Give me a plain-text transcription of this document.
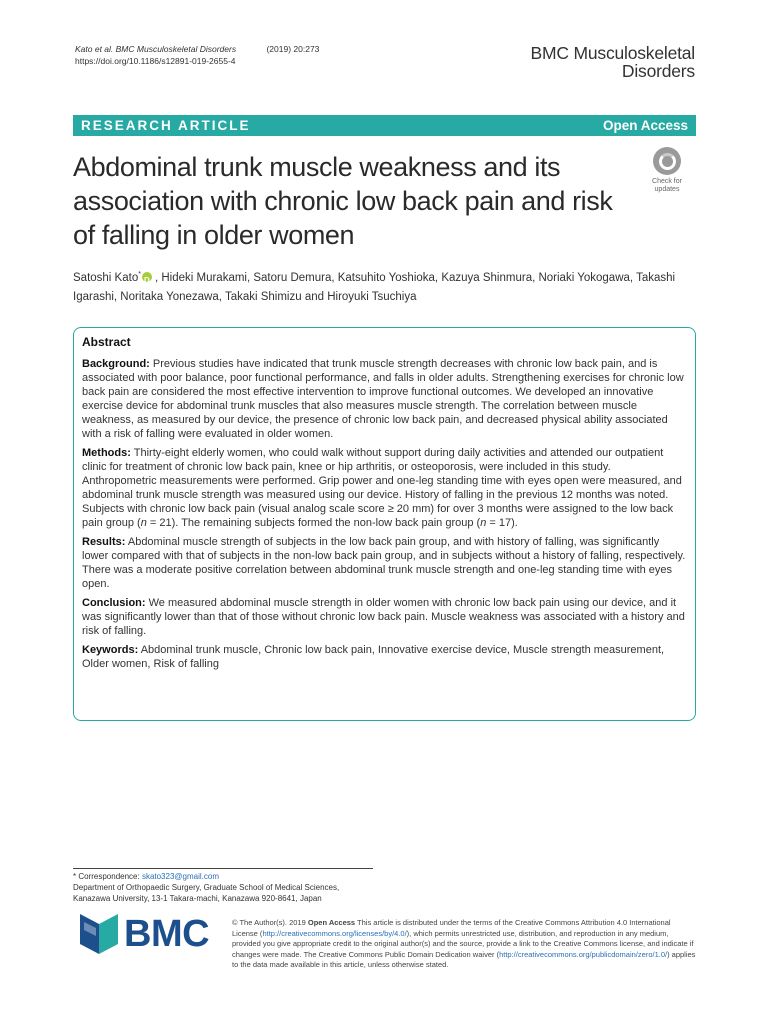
Kato et al. BMC Musculoskeletal Disorders	(2019) 20:273
https://doi.org/10.1186/s12891-019-2655-4	BMC Musculoskeletal
Disorders
RESEARCH ARTICLE	Open Access
Abdominal trunk muscle weakness and its association with chronic low back pain and risk of falling in older women
Check for
updates
Satoshi Kato*D , Hideki Murakami, Satoru Demura, Katsuhito Yoshioka, Kazuya Shinmura, Noriaki Yokogawa, Takashi Igarashi, Noritaka Yonezawa, Takaki Shimizu and Hiroyuki Tsuchiya
Abstract

Background: Previous studies have indicated that trunk muscle strength decreases with chronic low back pain, and is associated with poor balance, poor functional performance, and falls in older adults. Strengthening exercises for chronic low back pain are considered the most effective intervention to improve functional outcomes. We developed an innovative exercise device for abdominal trunk muscles that also measures muscle strength. The correlation between muscle weakness, as measured by our device, the presence of chronic low back pain, and decreased physical ability associated with a risk of falling were evaluated in older women.

Methods: Thirty-eight elderly women, who could walk without support during daily activities and attended our outpatient clinic for treatment of chronic low back pain, knee or hip arthritis, or osteoporosis, were included in this study. Anthropometric measurements were performed. Grip power and one-leg standing time with eyes open were measured, and abdominal trunk muscle strength was measured using our device. History of falling in the previous 12 months was noted. Subjects with chronic low back pain (visual analog scale score ≥ 20 mm) for over 3 months were assigned to the low back pain group (n = 21). The remaining subjects formed the non-low back pain group (n = 17).

Results: Abdominal muscle strength of subjects in the low back pain group, and with history of falling, was significantly lower compared with that of subjects in the non-low back pain group, and in subjects without a history of falling, respectively. There was a moderate positive correlation between abdominal trunk muscle strength and one-leg standing time with eyes open.

Conclusion: We measured abdominal muscle strength in older women with chronic low back pain using our device, and it was significantly lower than that of those without chronic low back pain. Muscle weakness was associated with a history and risk of falling.

Keywords: Abdominal trunk muscle, Chronic low back pain, Innovative exercise device, Muscle strength measurement, Older women, Risk of falling

* Correspondence: skato323@gmail.com
Department of Orthopaedic Surgery, Graduate School of Medical Sciences,
Kanazawa University, 13-1 Takara-machi, Kanazawa 920-8641, Japan
BMC	© The Author(s). 2019 Open Access This article is distributed under the terms of the Creative Commons Attribution 4.0 International License (http://creativecommons.org/licenses/by/4.0/), which permits unrestricted use, distribution, and reproduction in any medium, provided you give appropriate credit to the original author(s) and the source, provide a link to the Creative Commons license, and indicate if changes were made. The Creative Commons Public Domain Dedication waiver (http://creativecommons.org/publicdomain/zero/1.0/) applies to the data made available in this article, unless otherwise stated.
